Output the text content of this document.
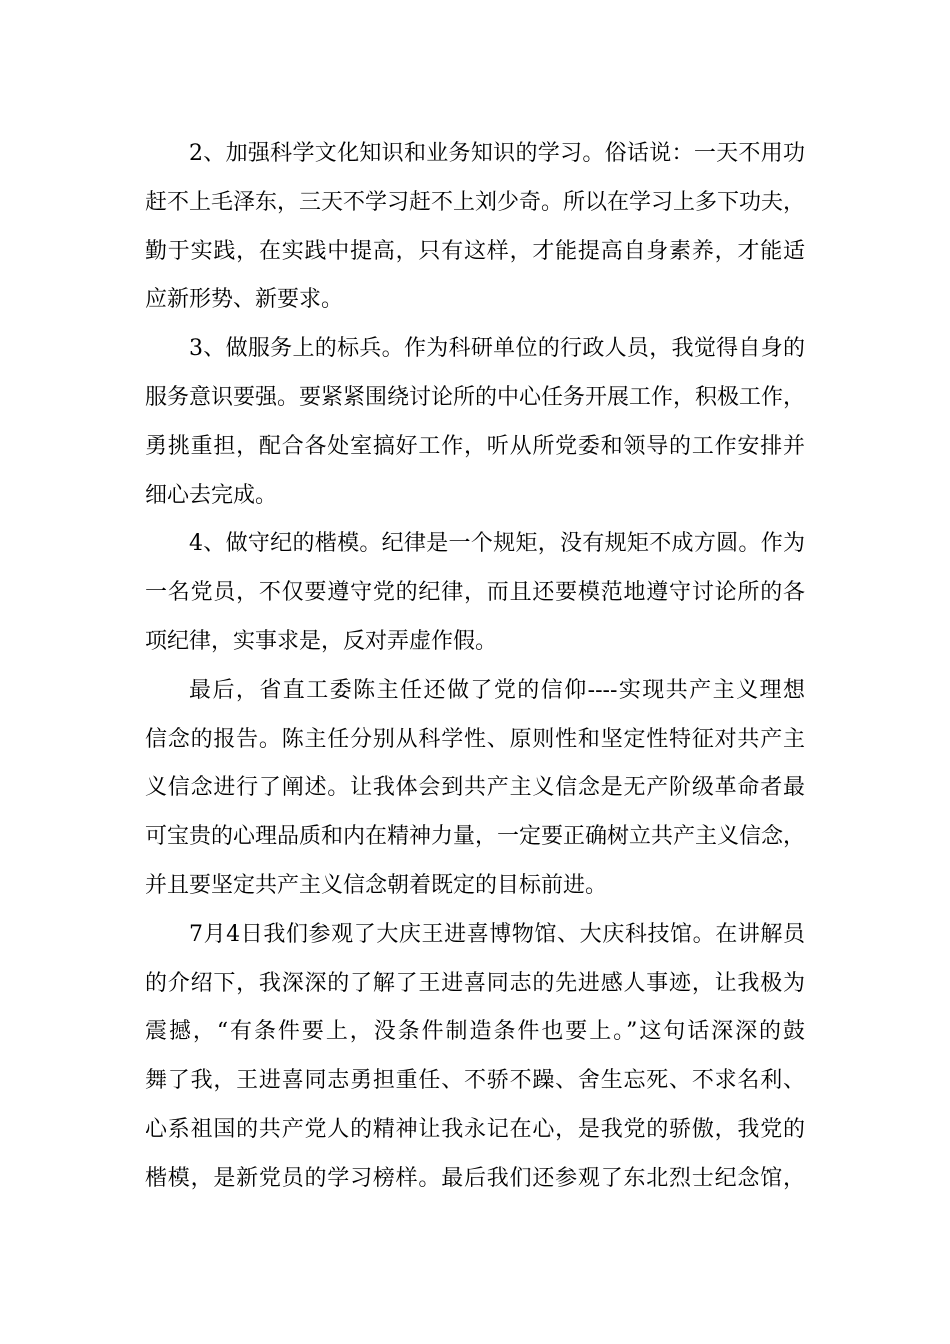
2、加强科学文化知识和业务知识的学习。俗话说：一天不用功
赶不上毛泽东，三天不学习赶不上刘少奇。所以在学习上多下功夫，
勤于实践，在实践中提高，只有这样，才能提高自身素养，才能适
应新形势、新要求。
3、做服务上的标兵。作为科研单位的行政人员，我觉得自身的
服务意识要强。要紧紧围绕讨论所的中心任务开展工作，积极工作，
勇挑重担，配合各处室搞好工作，听从所党委和领导的工作安排并
细心去完成。
4、做守纪的楷模。纪律是一个规矩，没有规矩不成方圆。作为
一名党员，不仅要遵守党的纪律，而且还要模范地遵守讨论所的各
项纪律，实事求是，反对弄虚作假。
最后，省直工委陈主任还做了党的信仰----实现共产主义理想
信念的报告。陈主任分别从科学性、原则性和坚定性特征对共产主
义信念进行了阐述。让我体会到共产主义信念是无产阶级革命者最
可宝贵的心理品质和内在精神力量，一定要正确树立共产主义信念，
并且要坚定共产主义信念朝着既定的目标前进。
7月4日我们参观了大庆王进喜博物馆、大庆科技馆。在讲解员
的介绍下，我深深的了解了王进喜同志的先进感人事迹，让我极为
震撼，“有条件要上，没条件制造条件也要上。”这句话深深的鼓
舞了我，王进喜同志勇担重任、不骄不躁、舍生忘死、不求名利、
心系祖国的共产党人的精神让我永记在心，是我党的骄傲，我党的
楷模，是新党员的学习榜样。最后我们还参观了东北烈士纪念馆，
